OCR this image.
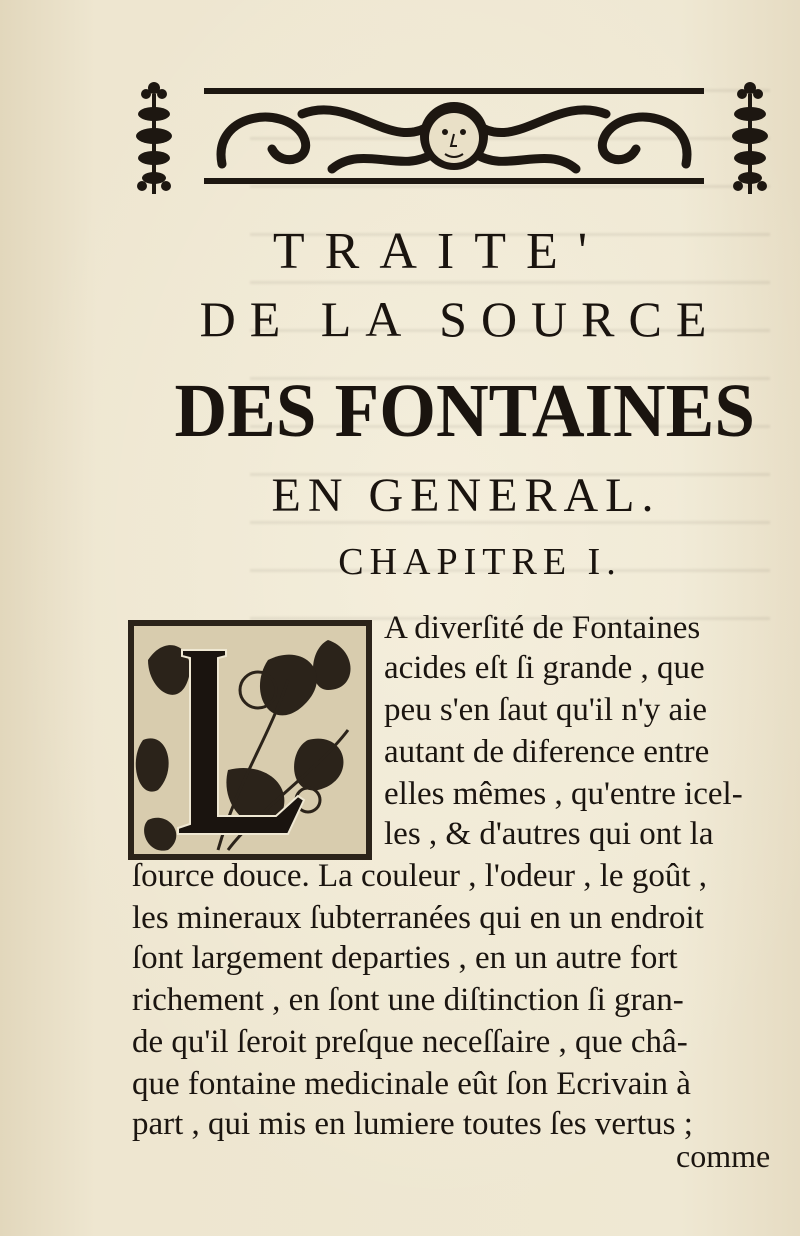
TRAITE'
DE LA SOURCE
DES FONTAINES
EN GENERAL.
CHAPITRE I.
A diverſité de Fontaines
acides eſt ſi grande , que
peu s'en ſaut qu'il n'y aie
autant de diference entre
elles mêmes , qu'entre icel-
les , & d'autres qui ont la
ſource douce. La couleur , l'odeur , le goût ,
les mineraux ſubterranées qui en un endroit
ſont largement departies , en un autre fort
richement , en ſont une diſtinction ſi gran-
de qu'il ſeroit preſque neceſſaire , que châ-
que fontaine medicinale eût ſon Ecrivain à
part , qui mis en lumiere toutes ſes vertus ;
comme
